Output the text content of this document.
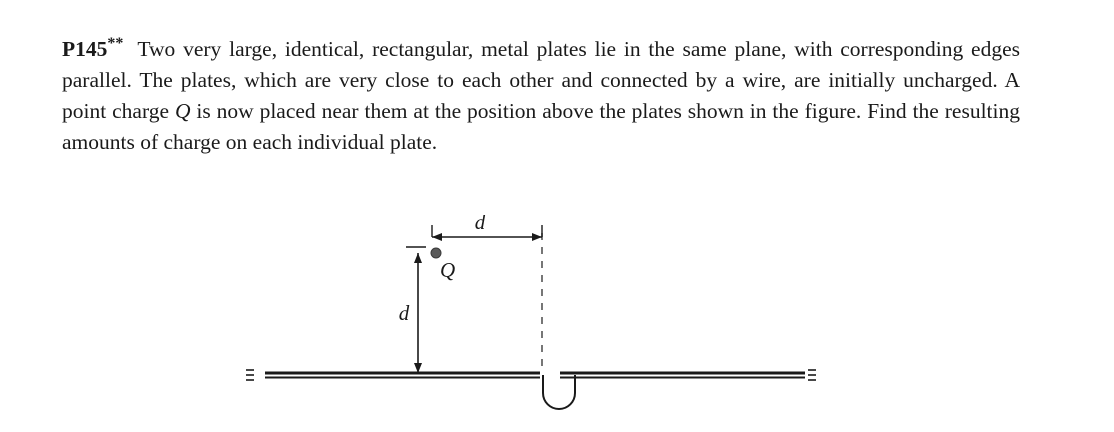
P145** Two very large, identical, rectangular, metal plates lie in the same plane, with corresponding edges parallel. The plates, which are very close to each other and connected by a wire, are initially uncharged. A point charge Q is now placed near them at the position above the plates shown in the figure. Find the resulting amounts of charge on each individual plate.

d
d
Q
